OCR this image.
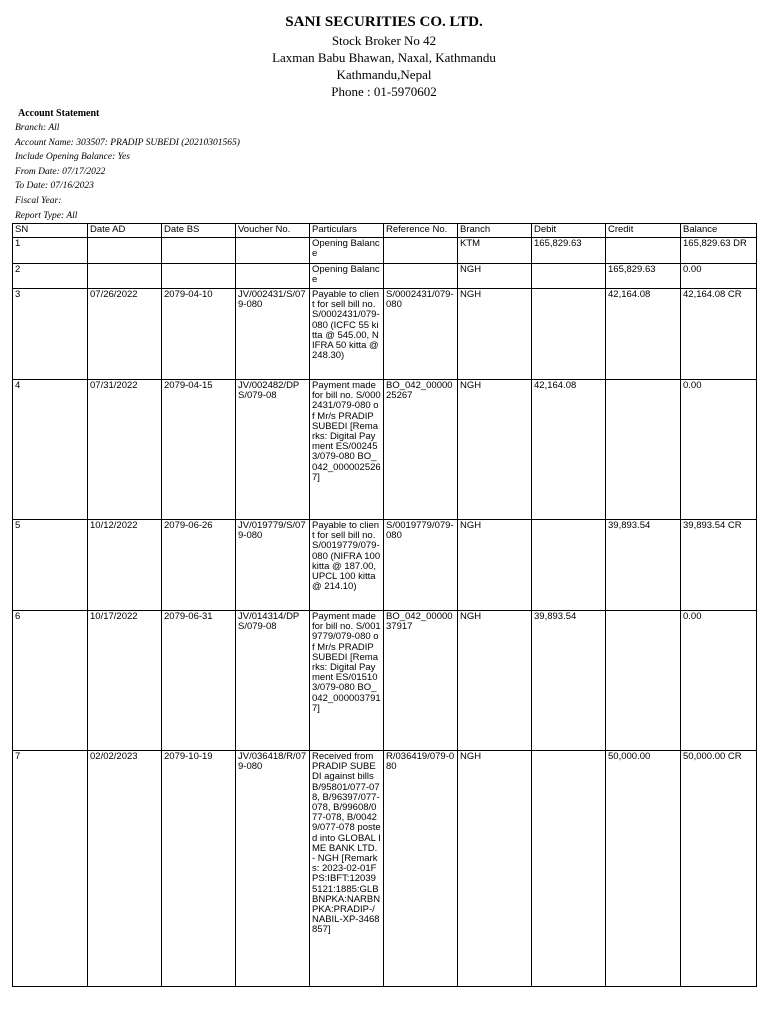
SANI SECURITIES CO. LTD.
Stock Broker No 42
Laxman Babu Bhawan, Naxal, Kathmandu
Kathmandu,Nepal
Phone : 01-5970602
Account Statement
Branch: All
Account Name: 303507: PRADIP SUBEDI (20210301565)
Include Opening Balance: Yes
From Date: 07/17/2022
To Date: 07/16/2023
Fiscal Year:
Report Type: All
SN	Date AD	Date BS	Voucher No.	Particulars	Reference No.	Branch	Debit	Credit	Balance
1				Opening Balance		KTM	165,829.63		165,829.63 DR
2				Opening Balance		NGH		165,829.63	0.00
3	07/26/2022	2079-04-10	JV/002431/S/079-080	Payable to client for sell bill no. S/0002431/079-080 (ICFC 55 kitta @ 545.00, NIFRA 50 kitta @ 248.30)	S/0002431/079-080	NGH		42,164.08	42,164.08 CR
4	07/31/2022	2079-04-15	JV/002482/DPS/079-08	Payment made for bill no. S/0002431/079-080 of Mr/s PRADIP SUBEDI [Remarks: Digital Payment ES/002453/079-080 BO_042_0000025267]	BO_042_0000025267	NGH	42,164.08		0.00
5	10/12/2022	2079-06-26	JV/019779/S/079-080	Payable to client for sell bill no. S/0019779/079-080 (NIFRA 100 kitta @ 187.00, UPCL 100 kitta @ 214.10)	S/0019779/079-080	NGH		39,893.54	39,893.54 CR
6	10/17/2022	2079-06-31	JV/014314/DPS/079-08	Payment made for bill no. S/0019779/079-080 of Mr/s PRADIP SUBEDI [Remarks: Digital Payment ES/015103/079-080 BO_042_0000037917]	BO_042_0000037917	NGH	39,893.54		0.00
7	02/02/2023	2079-10-19	JV/036418/R/079-080	Received from PRADIP SUBEDI against bills B/95801/077-078, B/96397/077-078, B/99608/077-078, B/00429/077-078 posted into GLOBAL IME BANK LTD. - NGH [Remarks: 2023-02-01FPS:IBFT:120395121:1885:GLBBNPKA:NARBNPKA:PRADIP-/NABIL-XP-3468857]	R/036419/079-080	NGH		50,000.00	50,000.00 CR
